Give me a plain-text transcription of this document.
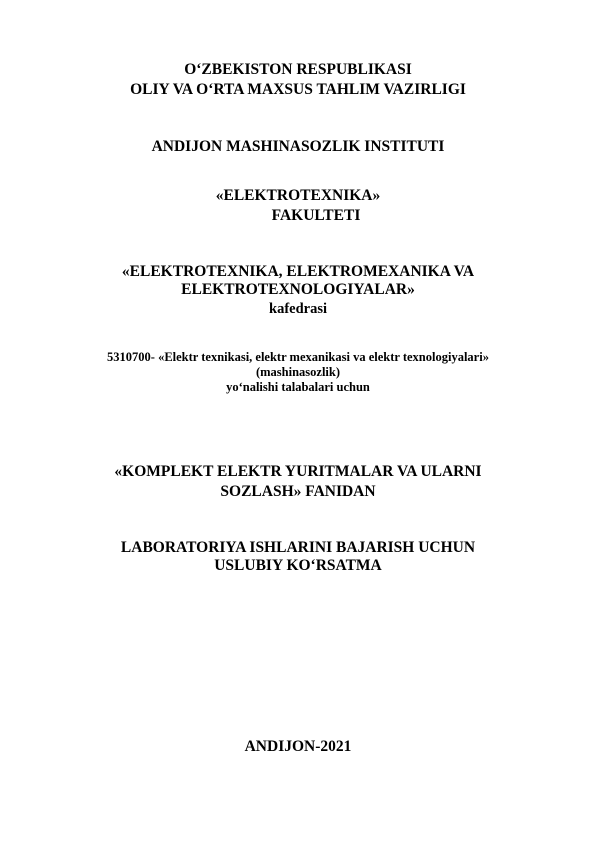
O‘ZBEKISTON RESPUBLIKASI
OLIY VA O‘RTA MAXSUS TAHLIM VAZIRLIGI
ANDIJON MASHINASOZLIK INSTITUTI
«ELEKTROTEXNIKA»
FAKULTETI
«ELEKTROTEXNIKA, ELEKTROMEXANIKA VA
ELEKTROTEXNOLOGIYALAR»
kafedrasi
5310700- «Elektr texnikasi, elektr mexanikasi va elektr texnologiyalari»
(mashinasozlik)
yo‘nalishi talabalari uchun
«KOMPLEKT ELEKTR YURITMALAR VA ULARNI
SOZLASH» FANIDAN
LABORATORIYA ISHLARINI BAJARISH UCHUN
USLUBIY KO‘RSATMA
ANDIJON-2021
